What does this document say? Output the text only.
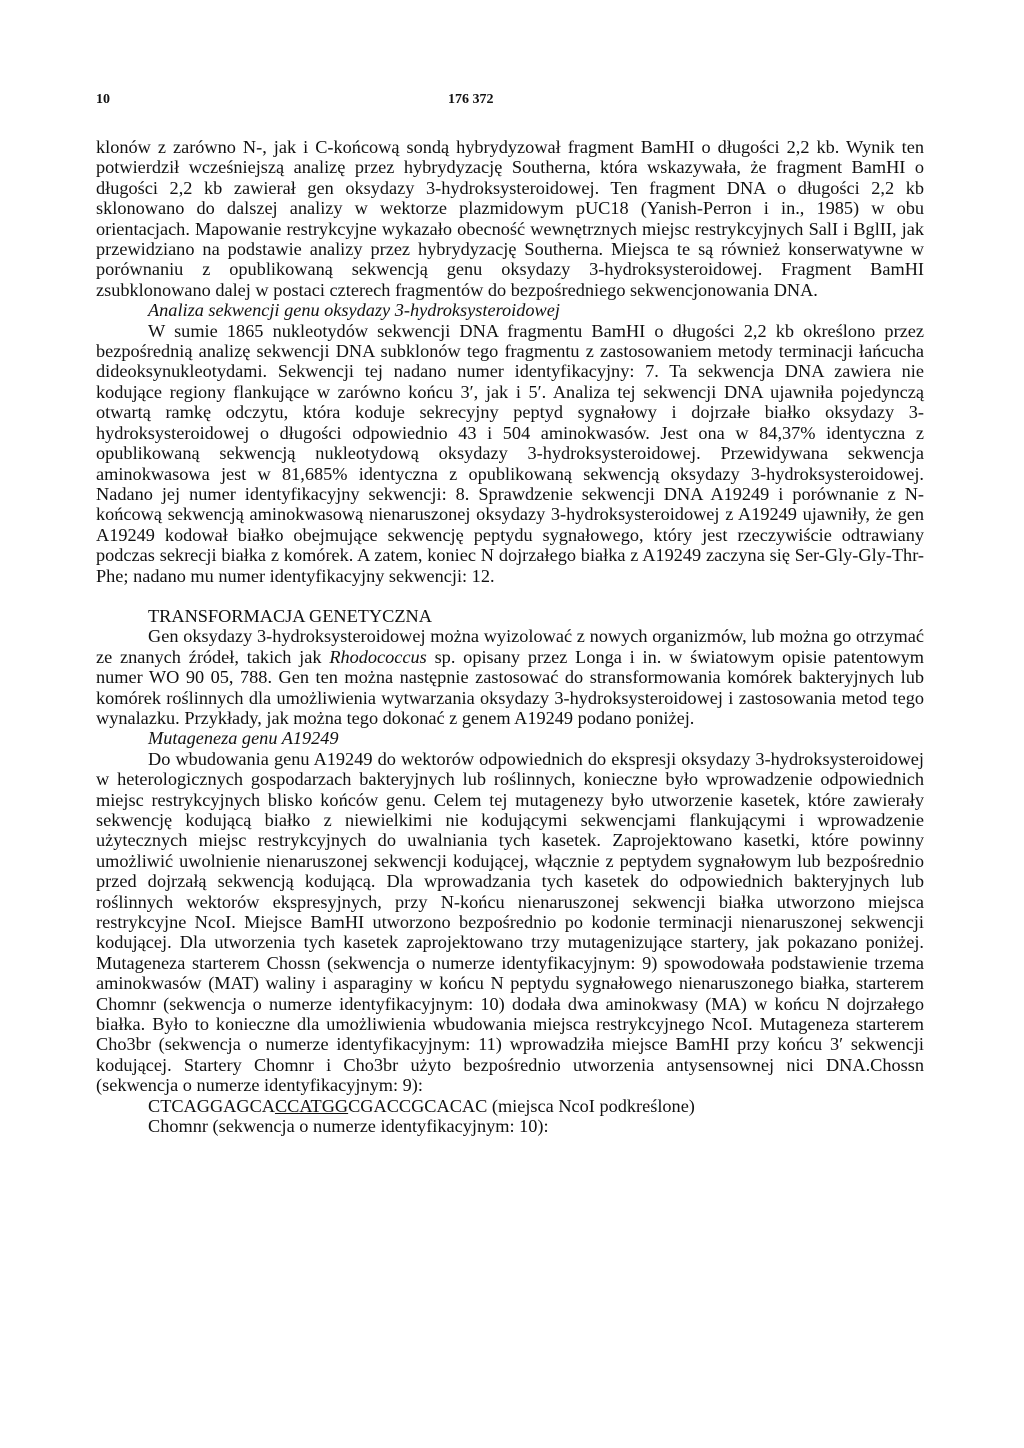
10	176 372

klonów z zarówno N-, jak i C-końcową sondą hybrydyzował fragment BamHI o długości 2,2 kb. Wynik ten potwierdził wcześniejszą analizę przez hybrydyzację Southerna, która wskazywała, że fragment BamHI o długości 2,2 kb zawierał gen oksydazy 3-hydroksysteroidowej. Ten fragment DNA o długości 2,2 kb sklonowano do dalszej analizy w wektorze plazmidowym pUC18 (Yanish-Perron i in., 1985) w obu orientacjach. Mapowanie restrykcyjne wykazało obecność wewnętrznych miejsc restrykcyjnych SalI i BglII, jak przewidziano na podstawie analizy przez hybrydyzację Southerna. Miejsca te są również konserwatywne w porównaniu z opublikowaną sekwencją genu oksydazy 3-hydroksysteroidowej. Fragment BamHI zsubklonowano dalej w postaci czterech fragmentów do bezpośredniego sekwencjonowania DNA.

Analiza sekwencji genu oksydazy 3-hydroksysteroidowej

W sumie 1865 nukleotydów sekwencji DNA fragmentu BamHI o długości 2,2 kb określono przez bezpośrednią analizę sekwencji DNA subklonów tego fragmentu z zastosowaniem metody terminacji łańcucha dideoksynukleotydami. Sekwencji tej nadano numer identyfikacyjny: 7. Ta sekwencja DNA zawiera nie kodujące regiony flankujące w zarówno końcu 3′, jak i 5′. Analiza tej sekwencji DNA ujawniła pojedynczą otwartą ramkę odczytu, która koduje sekrecyjny peptyd sygnałowy i dojrzałe białko oksydazy 3-hydroksysteroidowej o długości odpowiednio 43 i 504 aminokwasów. Jest ona w 84,37% identyczna z opublikowaną sekwencją nukleotydową oksydazy 3-hydroksysteroidowej. Przewidywana sekwencja aminokwasowa jest w 81,685% identyczna z opublikowaną sekwencją oksydazy 3-hydroksysteroidowej. Nadano jej numer identyfikacyjny sekwencji: 8. Sprawdzenie sekwencji DNA A19249 i porównanie z N-końcową sekwencją aminokwasową nienaruszonej oksydazy 3-hydroksysteroidowej z A19249 ujawniły, że gen A19249 kodował białko obejmujące sekwencję peptydu sygnałowego, który jest rzeczywiście odtrawiany podczas sekrecji białka z komórek. A zatem, koniec N dojrzałego białka z A19249 zaczyna się Ser-Gly-Gly-Thr-Phe; nadano mu numer identyfikacyjny sekwencji: 12.

TRANSFORMACJA GENETYCZNA

Gen oksydazy 3-hydroksysteroidowej można wyizolować z nowych organizmów, lub można go otrzymać ze znanych źródeł, takich jak Rhodococcus sp. opisany przez Longa i in. w światowym opisie patentowym numer WO 90 05, 788. Gen ten można następnie zastosować do stransformowania komórek bakteryjnych lub komórek roślinnych dla umożliwienia wytwarzania oksydazy 3-hydroksysteroidowej i zastosowania metod tego wynalazku. Przykłady, jak można tego dokonać z genem A19249 podano poniżej.

Mutageneza genu A19249

Do wbudowania genu A19249 do wektorów odpowiednich do ekspresji oksydazy 3-hydroksysteroidowej w heterologicznych gospodarzach bakteryjnych lub roślinnych, konieczne było wprowadzenie odpowiednich miejsc restrykcyjnych blisko końców genu. Celem tej mutagenezy było utworzenie kasetek, które zawierały sekwencję kodującą białko z niewielkimi nie kodującymi sekwencjami flankującymi i wprowadzenie użytecznych miejsc restrykcyjnych do uwalniania tych kasetek. Zaprojektowano kasetki, które powinny umożliwić uwolnienie nienaruszonej sekwencji kodującej, włącznie z peptydem sygnałowym lub bezpośrednio przed dojrzałą sekwencją kodującą. Dla wprowadzania tych kasetek do odpowiednich bakteryjnych lub roślinnych wektorów ekspresyjnych, przy N-końcu nienaruszonej sekwencji białka utworzono miejsca restrykcyjne NcoI. Miejsce BamHI utworzono bezpośrednio po kodonie terminacji nienaruszonej sekwencji kodującej. Dla utworzenia tych kasetek zaprojektowano trzy mutagenizujące startery, jak pokazano poniżej. Mutageneza starterem Chossn (sekwencja o numerze identyfikacyjnym: 9) spowodowała podstawienie trzema aminokwasów (MAT) waliny i asparaginy w końcu N peptydu sygnałowego nienaruszonego białka, starterem Chomnr (sekwencja o numerze identyfikacyjnym: 10) dodała dwa aminokwasy (MA) w końcu N dojrzałego białka. Było to konieczne dla umożliwienia wbudowania miejsca restrykcyjnego NcoI. Mutageneza starterem Cho3br (sekwencja o numerze identyfikacyjnym: 11) wprowadziła miejsce BamHI przy końcu 3′ sekwencji kodującej. Startery Chomnr i Cho3br użyto bezpośrednio utworzenia antysensownej nici DNA.Chossn (sekwencja o numerze identyfikacyjnym: 9):

CTCAGGAGCACCATGGCGACCGCACAC (miejsca NcoI podkreślone)

Chomnr (sekwencja o numerze identyfikacyjnym: 10):
